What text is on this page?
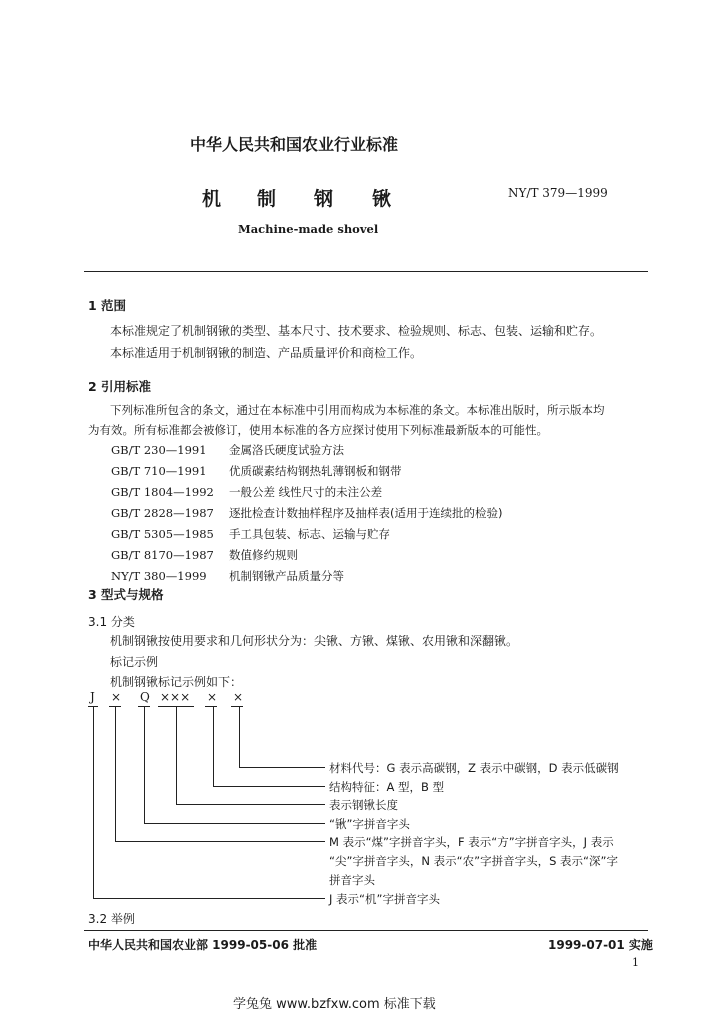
中华人民共和国农业行业标准
机 制 钢 锹	NY/T 379—1999
Machine-made shovel
1 范围
本标准规定了机制钢锹的类型、基本尺寸、技术要求、检验规则、标志、包装、运输和贮存。
本标准适用于机制钢锹的制造、产品质量评价和商检工作。
2 引用标准
下列标准所包含的条文，通过在本标准中引用而构成为本标准的条文。本标准出版时，所示版本均
为有效。所有标准都会被修订，使用本标准的各方应探讨使用下列标准最新版本的可能性。
GB/T 230—1991 金属洛氏硬度试验方法
GB/T 710—1991 优质碳素结构钢热轧薄钢板和钢带
GB/T 1804—1992 一般公差 线性尺寸的未注公差
GB/T 2828—1987 逐批检查计数抽样程序及抽样表(适用于连续批的检验)
GB/T 5305—1985 手工具包装、标志、运输与贮存
GB/T 8170—1987 数值修约规则
NY/T 380—1999 机制钢锹产品质量分等
3 型式与规格
3.1 分类
机制钢锹按使用要求和几何形状分为：尖锹、方锹、煤锹、农用锹和深翻锹。
标记示例
机制钢锹标记示例如下：
J × Q ××× × ×
材料代号：G 表示高碳钢，Z 表示中碳钢，D 表示低碳钢
结构特征：A 型，B 型
表示钢锹长度
“锹”字拼音字头
M 表示“煤”字拼音字头，F 表示“方”字拼音字头，J 表示
“尖”字拼音字头，N 表示“农”字拼音字头，S 表示“深”字
拼音字头
J 表示“机”字拼音字头
3.2 举例
中华人民共和国农业部 1999-05-06 批准	1999-07-01 实施
1
学兔兔 www.bzfxw.com 标准下载
